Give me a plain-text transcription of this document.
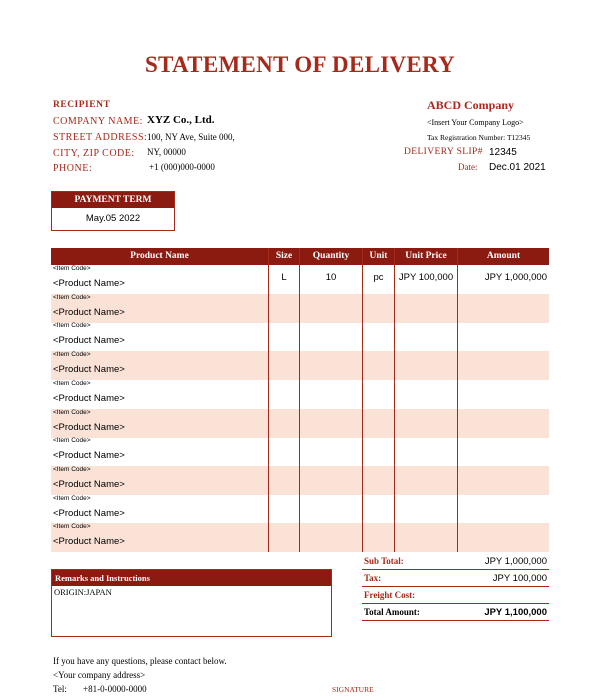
STATEMENT OF DELIVERY
RECIPIENT
COMPANY NAME: XYZ Co., Ltd.
STREET ADDRESS: 100, NY Ave, Suite 000,
CITY, ZIP CODE: NY, 00000
PHONE:	+1 (000)000-0000
ABCD Company
<Insert Your Company Logo>
Tax Registration Number: T12345
DELIVERY SLIP# 12345
Date: Dec.01 2021
PAYMENT TERM
May.05 2022
Product Name	Size	Quantity	Unit	Unit Price	Amount
<Item Code>
<Product Name>
L	10	pc	JPY 100,000	JPY 1,000,000
<Item Code>
<Product Name>
<Item Code>
<Product Name>
<Item Code>
<Product Name>
<Item Code>
<Product Name>
<Item Code>
<Product Name>
<Item Code>
<Product Name>
<Item Code>
<Product Name>
<Item Code>
<Product Name>
<Item Code>
<Product Name>
Sub Total:	JPY 1,000,000
Tax:	JPY 100,000
Freight Cost:
Total Amount:	JPY 1,100,000
Remarks and Instructions
ORIGIN:JAPAN
If you have any questions, please contact below.
<Your company address>
Tel: +81-0-0000-0000	SIGNATURE
